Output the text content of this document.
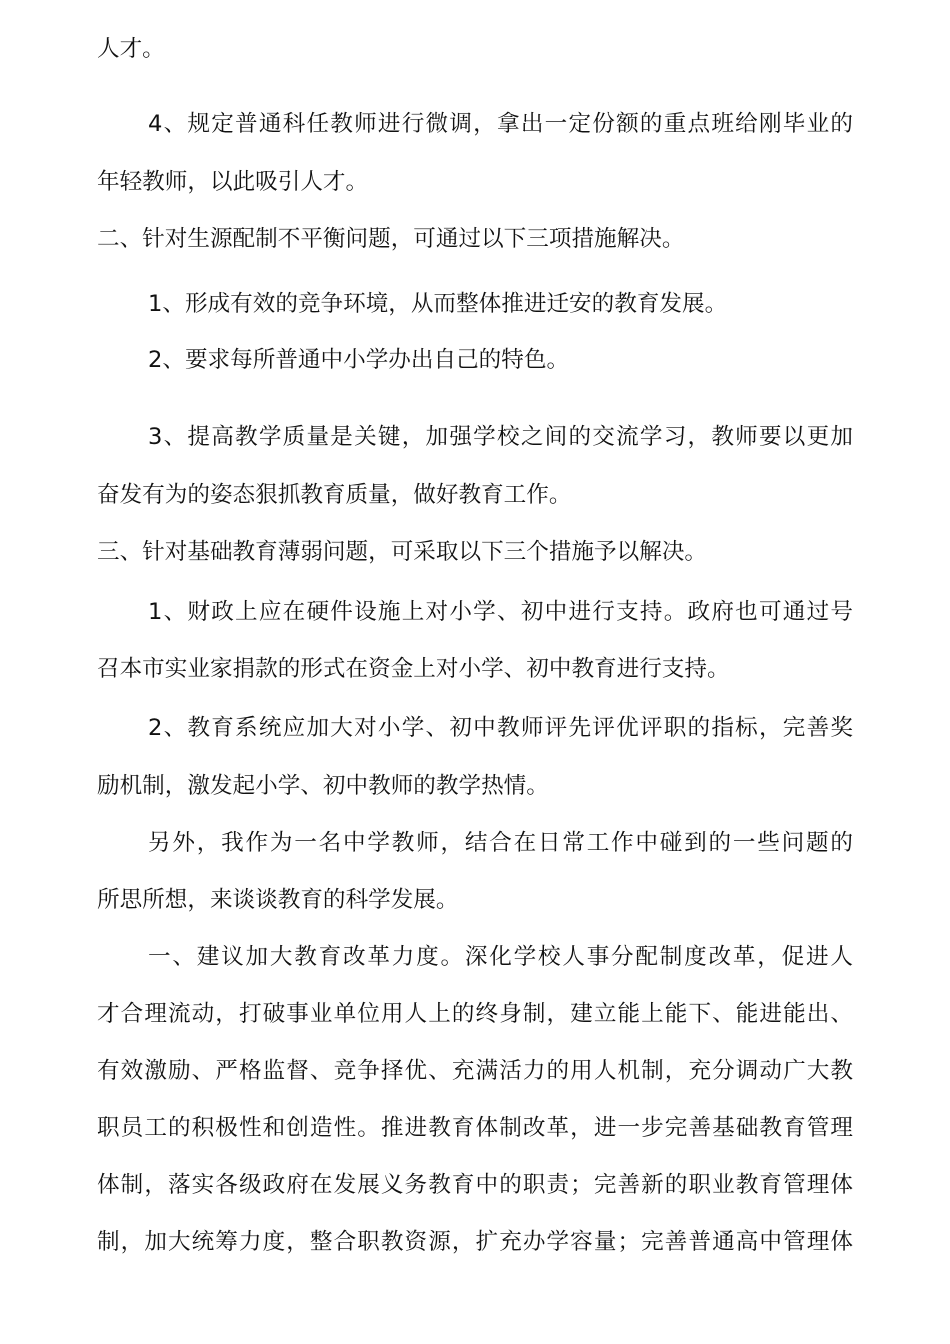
人才。
4、规定普通科任教师进行微调，拿出一定份额的重点班给刚毕业的
年轻教师，以此吸引人才。
二、针对生源配制不平衡问题，可通过以下三项措施解决。
1、形成有效的竞争环境，从而整体推进迁安的教育发展。
2、要求每所普通中小学办出自己的特色。
3、提高教学质量是关键，加强学校之间的交流学习，教师要以更加
奋发有为的姿态狠抓教育质量，做好教育工作。
三、针对基础教育薄弱问题，可采取以下三个措施予以解决。
1、财政上应在硬件设施上对小学、初中进行支持。政府也可通过号
召本市实业家捐款的形式在资金上对小学、初中教育进行支持。
2、教育系统应加大对小学、初中教师评先评优评职的指标，完善奖
励机制，激发起小学、初中教师的教学热情。
另外，我作为一名中学教师，结合在日常工作中碰到的一些问题的
所思所想，来谈谈教育的科学发展。
一、建议加大教育改革力度。深化学校人事分配制度改革，促进人
才合理流动，打破事业单位用人上的终身制，建立能上能下、能进能出、
有效激励、严格监督、竞争择优、充满活力的用人机制，充分调动广大教
职员工的积极性和创造性。推进教育体制改革，进一步完善基础教育管理
体制，落实各级政府在发展义务教育中的职责；完善新的职业教育管理体
制，加大统筹力度，整合职教资源，扩充办学容量；完善普通高中管理体
